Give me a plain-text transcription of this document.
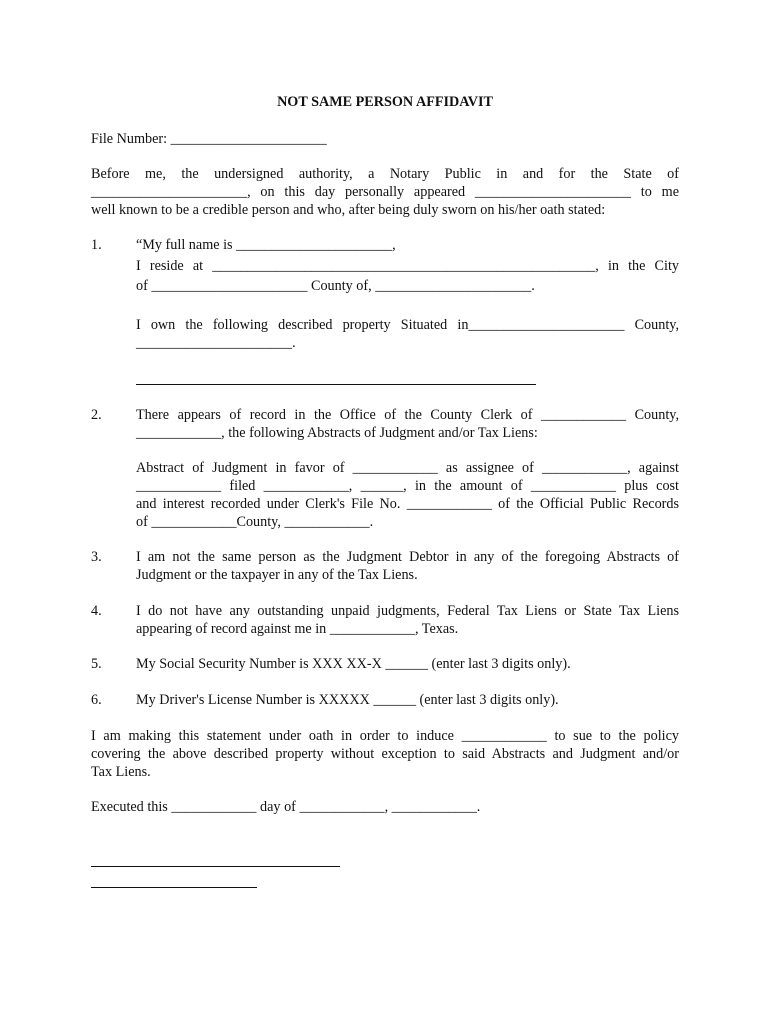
NOT SAME PERSON AFFIDAVIT
File Number: ______________________
Before me, the undersigned authority, a Notary Public in and for the State of
______________________, on this day personally appeared ______________________ to me
well known to be a credible person and who, after being duly sworn on his/her oath stated:
1. “My full name is ______________________,
I reside at ______________________________________________________, in the City
of ______________________ County of, ______________________.
I own the following described property Situated in______________________ County,
______________________.
2. There appears of record in the Office of the County Clerk of ____________ County,
____________, the following Abstracts of Judgment and/or Tax Liens:
Abstract of Judgment in favor of ____________ as assignee of ____________, against
____________ filed ____________, ______, in the amount of ____________ plus cost
and interest recorded under Clerk's File No. ____________ of the Official Public Records
of ____________County, ____________.
3. I am not the same person as the Judgment Debtor in any of the foregoing Abstracts of
Judgment or the taxpayer in any of the Tax Liens.
4. I do not have any outstanding unpaid judgments, Federal Tax Liens or State Tax Liens
appearing of record against me in ____________, Texas.
5. My Social Security Number is XXX XX-X ______ (enter last 3 digits only).
6. My Driver's License Number is XXXXX ______ (enter last 3 digits only).
I am making this statement under oath in order to induce ____________ to sue to the policy
covering the above described property without exception to said Abstracts and Judgment and/or
Tax Liens.
Executed this ____________ day of ____________, ____________.
